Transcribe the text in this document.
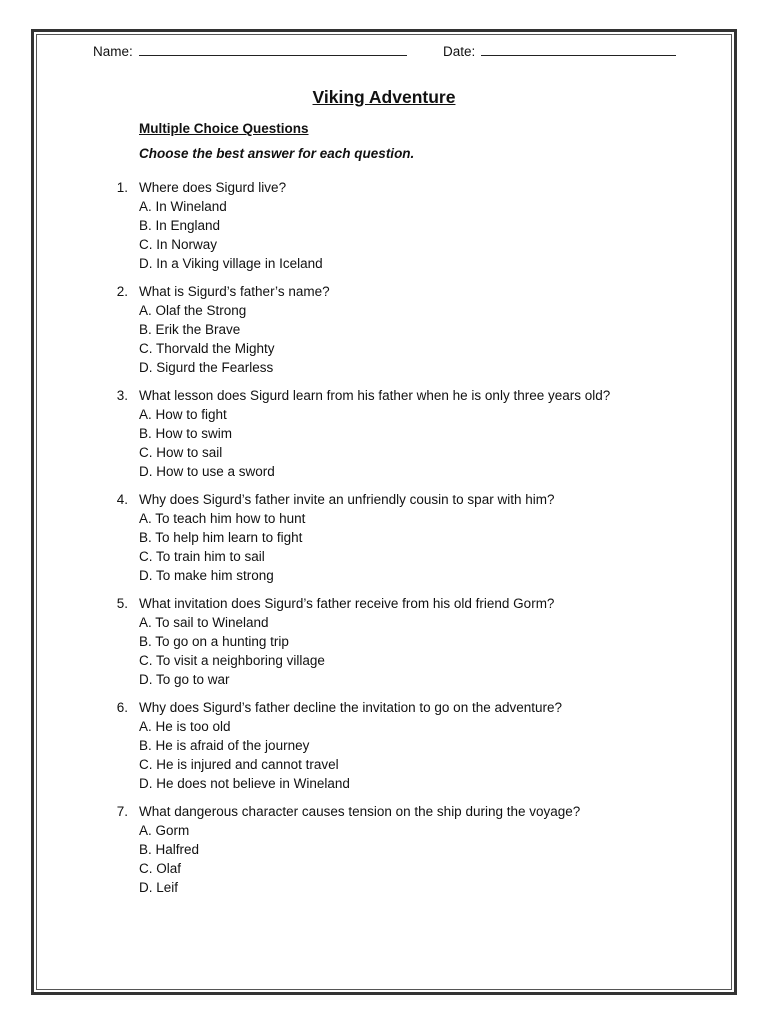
Name:	Date:
Viking Adventure
Multiple Choice Questions
Choose the best answer for each question.
1. Where does Sigurd live?
A. In Wineland
B. In England
C. In Norway
D. In a Viking village in Iceland
2. What is Sigurd’s father’s name?
A. Olaf the Strong
B. Erik the Brave
C. Thorvald the Mighty
D. Sigurd the Fearless
3. What lesson does Sigurd learn from his father when he is only three years old?
A. How to fight
B. How to swim
C. How to sail
D. How to use a sword
4. Why does Sigurd’s father invite an unfriendly cousin to spar with him?
A. To teach him how to hunt
B. To help him learn to fight
C. To train him to sail
D. To make him strong
5. What invitation does Sigurd’s father receive from his old friend Gorm?
A. To sail to Wineland
B. To go on a hunting trip
C. To visit a neighboring village
D. To go to war
6. Why does Sigurd’s father decline the invitation to go on the adventure?
A. He is too old
B. He is afraid of the journey
C. He is injured and cannot travel
D. He does not believe in Wineland
7. What dangerous character causes tension on the ship during the voyage?
A. Gorm
B. Halfred
C. Olaf
D. Leif
